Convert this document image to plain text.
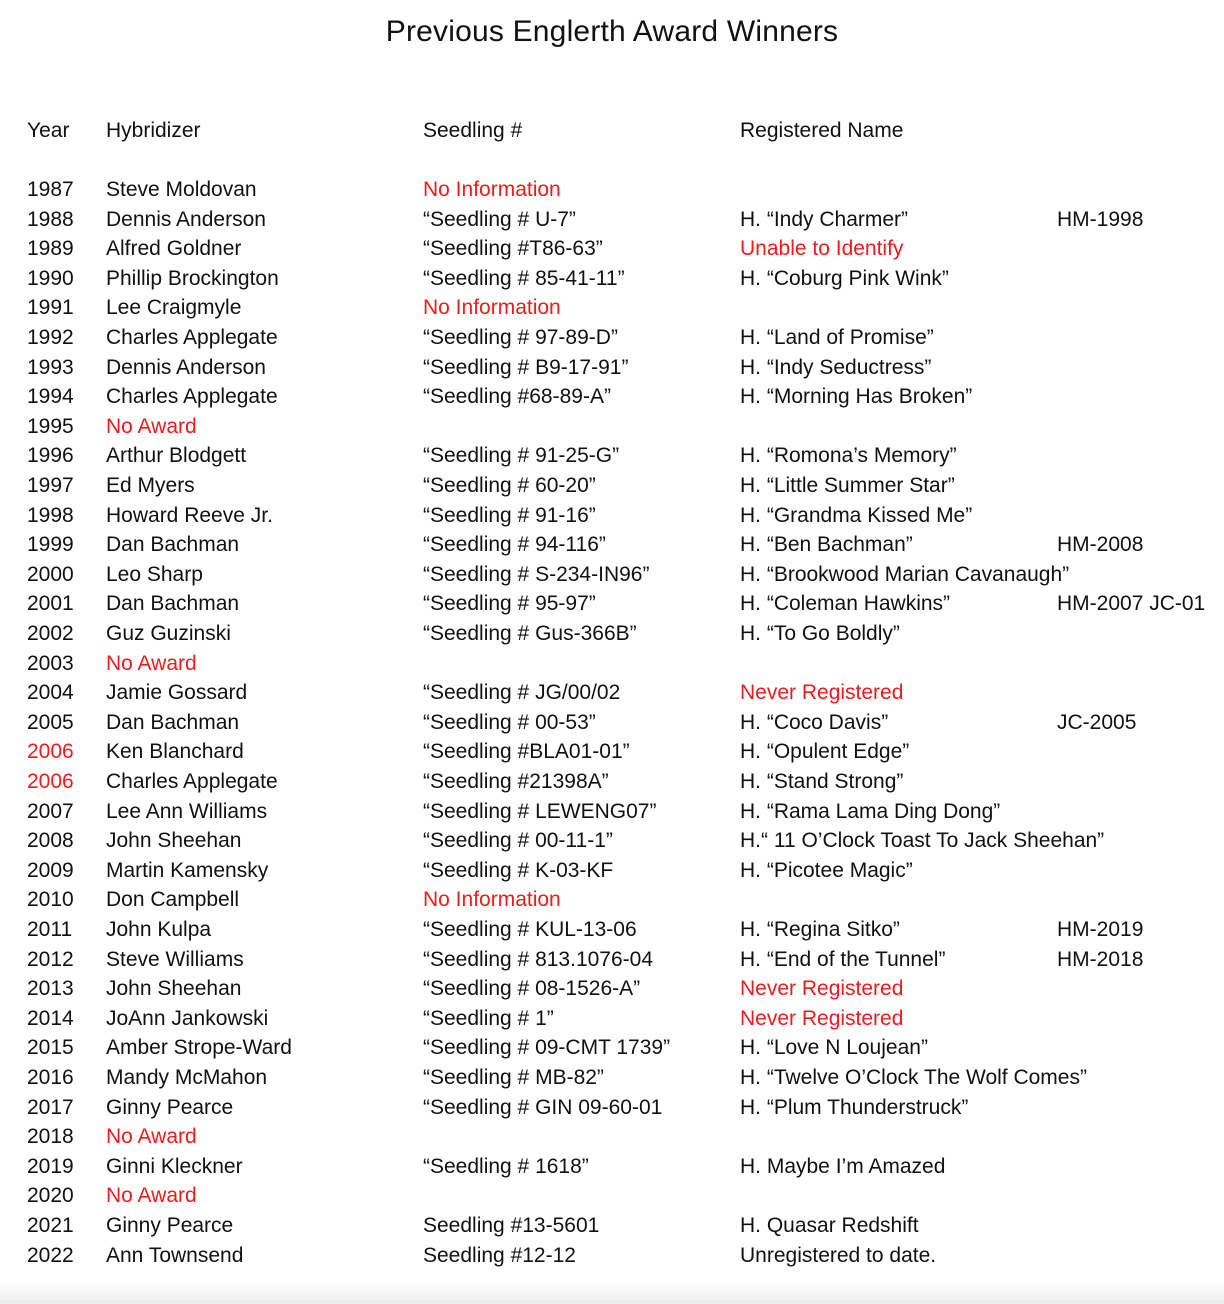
Previous Englerth Award Winners
Year Hybridizer	Seedling #	Registered Name
1987 Steve Moldovan	No Information
1988 Dennis Anderson	“Seedling # U-7”	H. “Indy Charmer”	HM-1998
1989 Alfred Goldner	“Seedling #T86-63”	Unable to Identify
1990 Phillip Brockington	“Seedling # 85-41-11”	H. “Coburg Pink Wink”
1991 Lee Craigmyle	No Information
1992 Charles Applegate	“Seedling # 97-89-D”	H. “Land of Promise”
1993 Dennis Anderson	“Seedling # B9-17-91”	H. “Indy Seductress”
1994 Charles Applegate	“Seedling #68-89-A”	H. “Morning Has Broken”
1995 No Award
1996 Arthur Blodgett	“Seedling # 91-25-G”	H. “Romona’s Memory”
1997 Ed Myers	“Seedling # 60-20”	H. “Little Summer Star”
1998 Howard Reeve Jr.	“Seedling # 91-16”	H. “Grandma Kissed Me”
1999 Dan Bachman	“Seedling # 94-116”	H. “Ben Bachman”	HM-2008
2000 Leo Sharp	“Seedling # S-234-IN96”	H. “Brookwood Marian Cavanaugh”
2001 Dan Bachman	“Seedling # 95-97”	H. “Coleman Hawkins”	HM-2007 JC-01
2002 Guz Guzinski	“Seedling # Gus-366B”	H. “To Go Boldly”
2003 No Award
2004 Jamie Gossard	“Seedling # JG/00/02	Never Registered
2005 Dan Bachman	“Seedling # 00-53”	H. “Coco Davis”	JC-2005
2006 Ken Blanchard	“Seedling #BLA01-01”	H. “Opulent Edge”
2006 Charles Applegate	“Seedling #21398A”	H. “Stand Strong”
2007 Lee Ann Williams	“Seedling # LEWENG07”	H. “Rama Lama Ding Dong”
2008 John Sheehan	“Seedling # 00-11-1”	H.“ 11 O’Clock Toast To Jack Sheehan”
2009 Martin Kamensky	“Seedling # K-03-KF	H. “Picotee Magic”
2010 Don Campbell	No Information
2011 John Kulpa	“Seedling # KUL-13-06	H. “Regina Sitko”	HM-2019
2012 Steve Williams	“Seedling # 813.1076-04	H. “End of the Tunnel”	HM-2018
2013 John Sheehan	“Seedling # 08-1526-A”	Never Registered
2014 JoAnn Jankowski	“Seedling # 1”	Never Registered
2015 Amber Strope-Ward	“Seedling # 09-CMT 1739”	H. “Love N Loujean”
2016 Mandy McMahon	“Seedling # MB-82”	H. “Twelve O’Clock The Wolf Comes”
2017 Ginny Pearce	“Seedling # GIN 09-60-01	H. “Plum Thunderstruck”
2018 No Award
2019 Ginni Kleckner	“Seedling # 1618”	H. Maybe I’m Amazed
2020 No Award
2021 Ginny Pearce	Seedling #13-5601	H. Quasar Redshift
2022 Ann Townsend	Seedling #12-12	Unregistered to date.
